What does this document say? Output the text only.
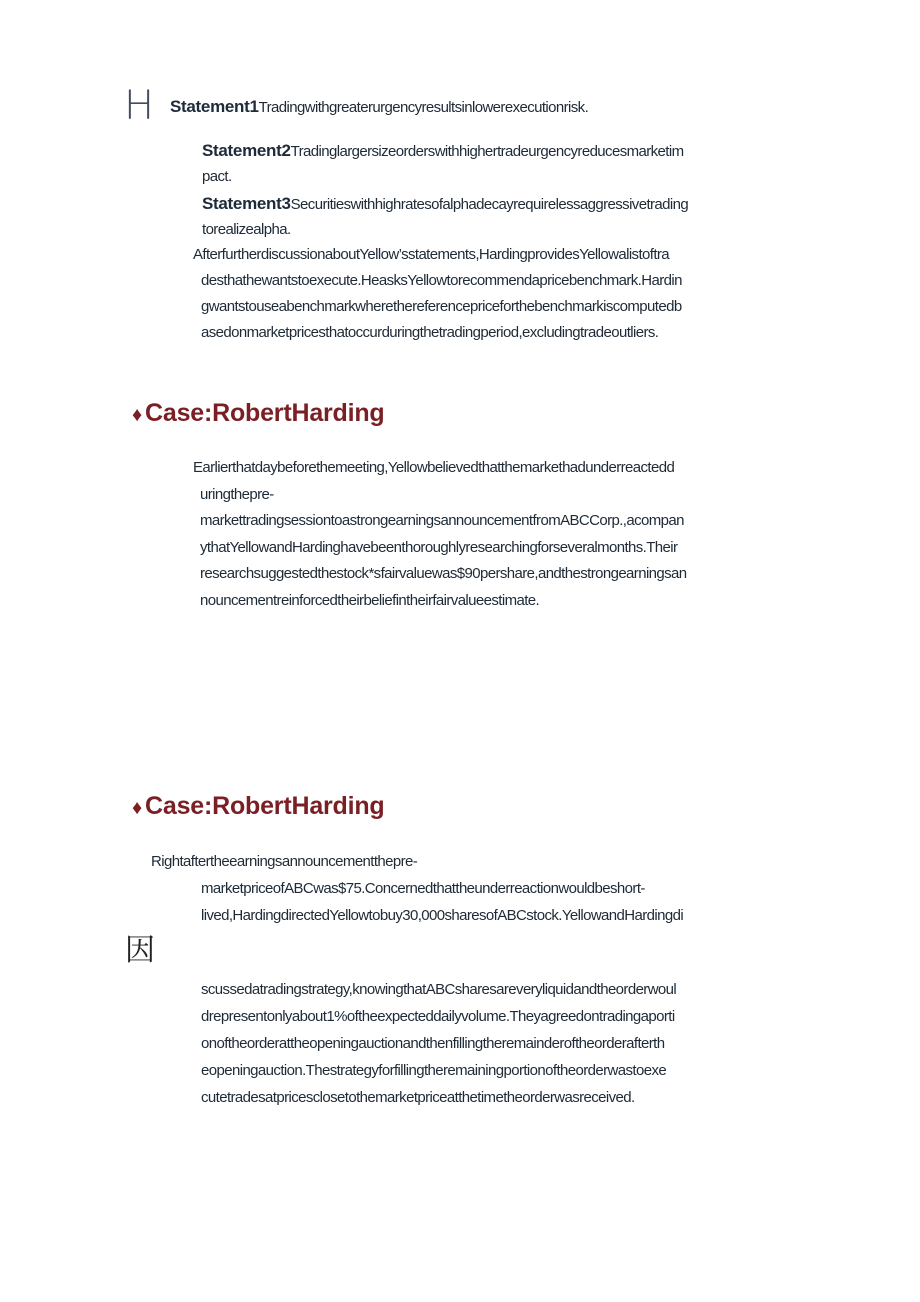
H
因
Statement1Tradingwithgreaterurgencyresultsinlowerexecutionrisk.
Statement2Tradinglargersizeorderswithhighertradeurgencyreducesmarketim
pact.
Statement3Securitieswithhighratesofalphadecayrequirelessaggressivetrading
torealizealpha.
AfterfurtherdiscussionaboutYellow’sstatements,HardingprovidesYellowalistoftra
desthathewantstoexecute.HeasksYellowtorecommendapricebenchmark.Hardin
gwantstouseabenchmarkwherethereferencepriceforthebenchmarkiscomputedb
asedonmarketpricesthatoccurduringthetradingperiod,excludingtradeoutliers.
♦ Case:RobertHarding
Earlierthatdaybeforethemeeting,Yellowbelievedthatthemarkethadunderreactedd
uringthepre-
markettradingsessiontoastrongearningsannouncementfromABCCorp.,acompan
ythatYellowandHardinghavebeenthoroughlyresearchingforseveralmonths.Their
researchsuggestedthestock*sfairvaluewas$90pershare,andthestrongearningsan
nouncementreinforcedtheirbeliefintheirfairvalueestimate.
♦ Case:RobertHarding
Rightaftertheearningsannouncementthepre-
marketpriceofABCwas$75.Concernedthattheunderreactionwouldbeshort-
lived,HardingdirectedYellowtobuy30,000sharesofABCstock.YellowandHardingdi
scussedatradingstrategy,knowingthatABCsharesareveryliquidandtheorderwoul
drepresentonlyabout1%oftheexpecteddailyvolume.Theyagreedontradingaporti
onoftheorderattheopeningauctionandthenfillingtheremainderoftheorderafterth
eopeningauction.Thestrategyforfillingtheremainingportionoftheorderwastoexe
cutetradesatpricesclosetothemarketpriceatthetimetheorderwasreceived.
